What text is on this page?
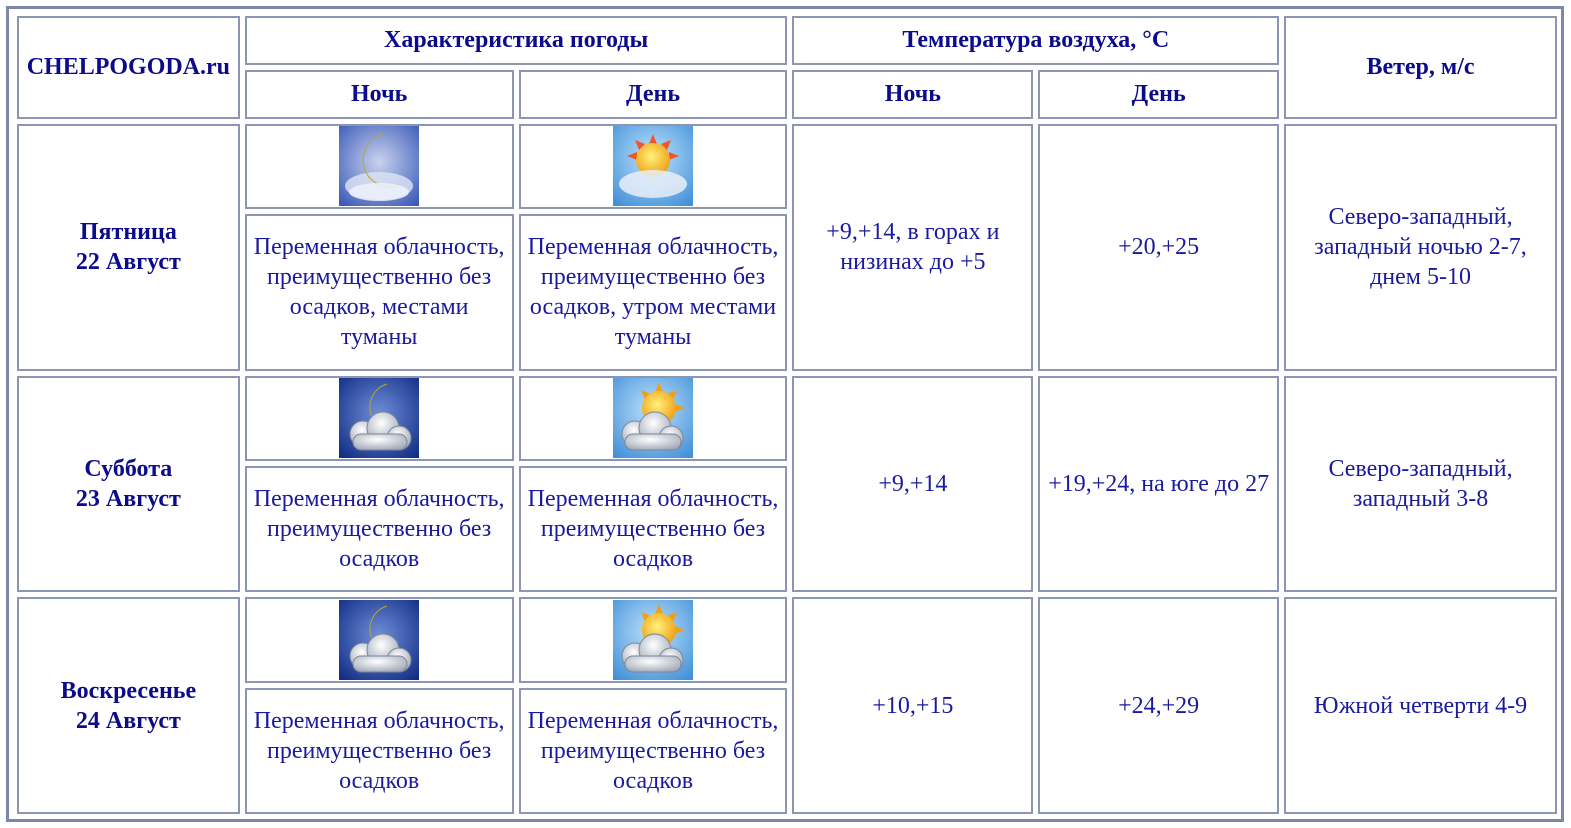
CHELPOGODA.ru	Характеристика погоды		Температура воздуха, °С		Ветер, м/с
	Ночь	День	Ночь	День	

Пятница
22 Август			+9,+14, в горах и низинах до +5	+20,+25	Северо-западный, западный ночью 2-7, днем 5-10
	Переменная облачность, преимущественно без осадков, местами туманы	Переменная облачность, преимущественно без осадков, утром местами туманы			

Суббота
23 Август			+9,+14	+19,+24, на юге до 27	Северо-западный, западный 3-8
	Переменная облачность, преимущественно без осадков	Переменная облачность, преимущественно без осадков			

Воскресенье
24 Август			+10,+15	+24,+29	Южной четверти 4-9
	Переменная облачность, преимущественно без осадков	Переменная облачность, преимущественно без осадков			
